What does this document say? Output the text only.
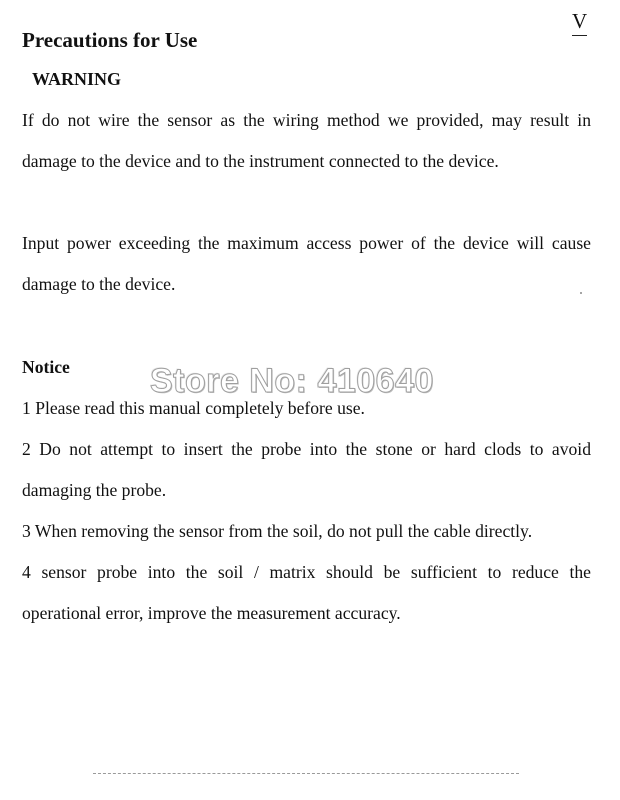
V
Precautions for Use
WARNING

If do not wire the sensor as the wiring method we provided, may result in damage to the device and to the instrument connected to the device.

Input power exceeding the maximum access power of the device will cause damage to the device.

Notice

1 Please read this manual completely before use.

2 Do not attempt to insert the probe into the stone or hard clods to avoid damaging the probe.

3 When removing the sensor from the soil, do not pull the cable directly.

4 sensor probe into the soil / matrix should be sufficient to reduce the operational error, improve the measurement accuracy.

Store No: 410640
